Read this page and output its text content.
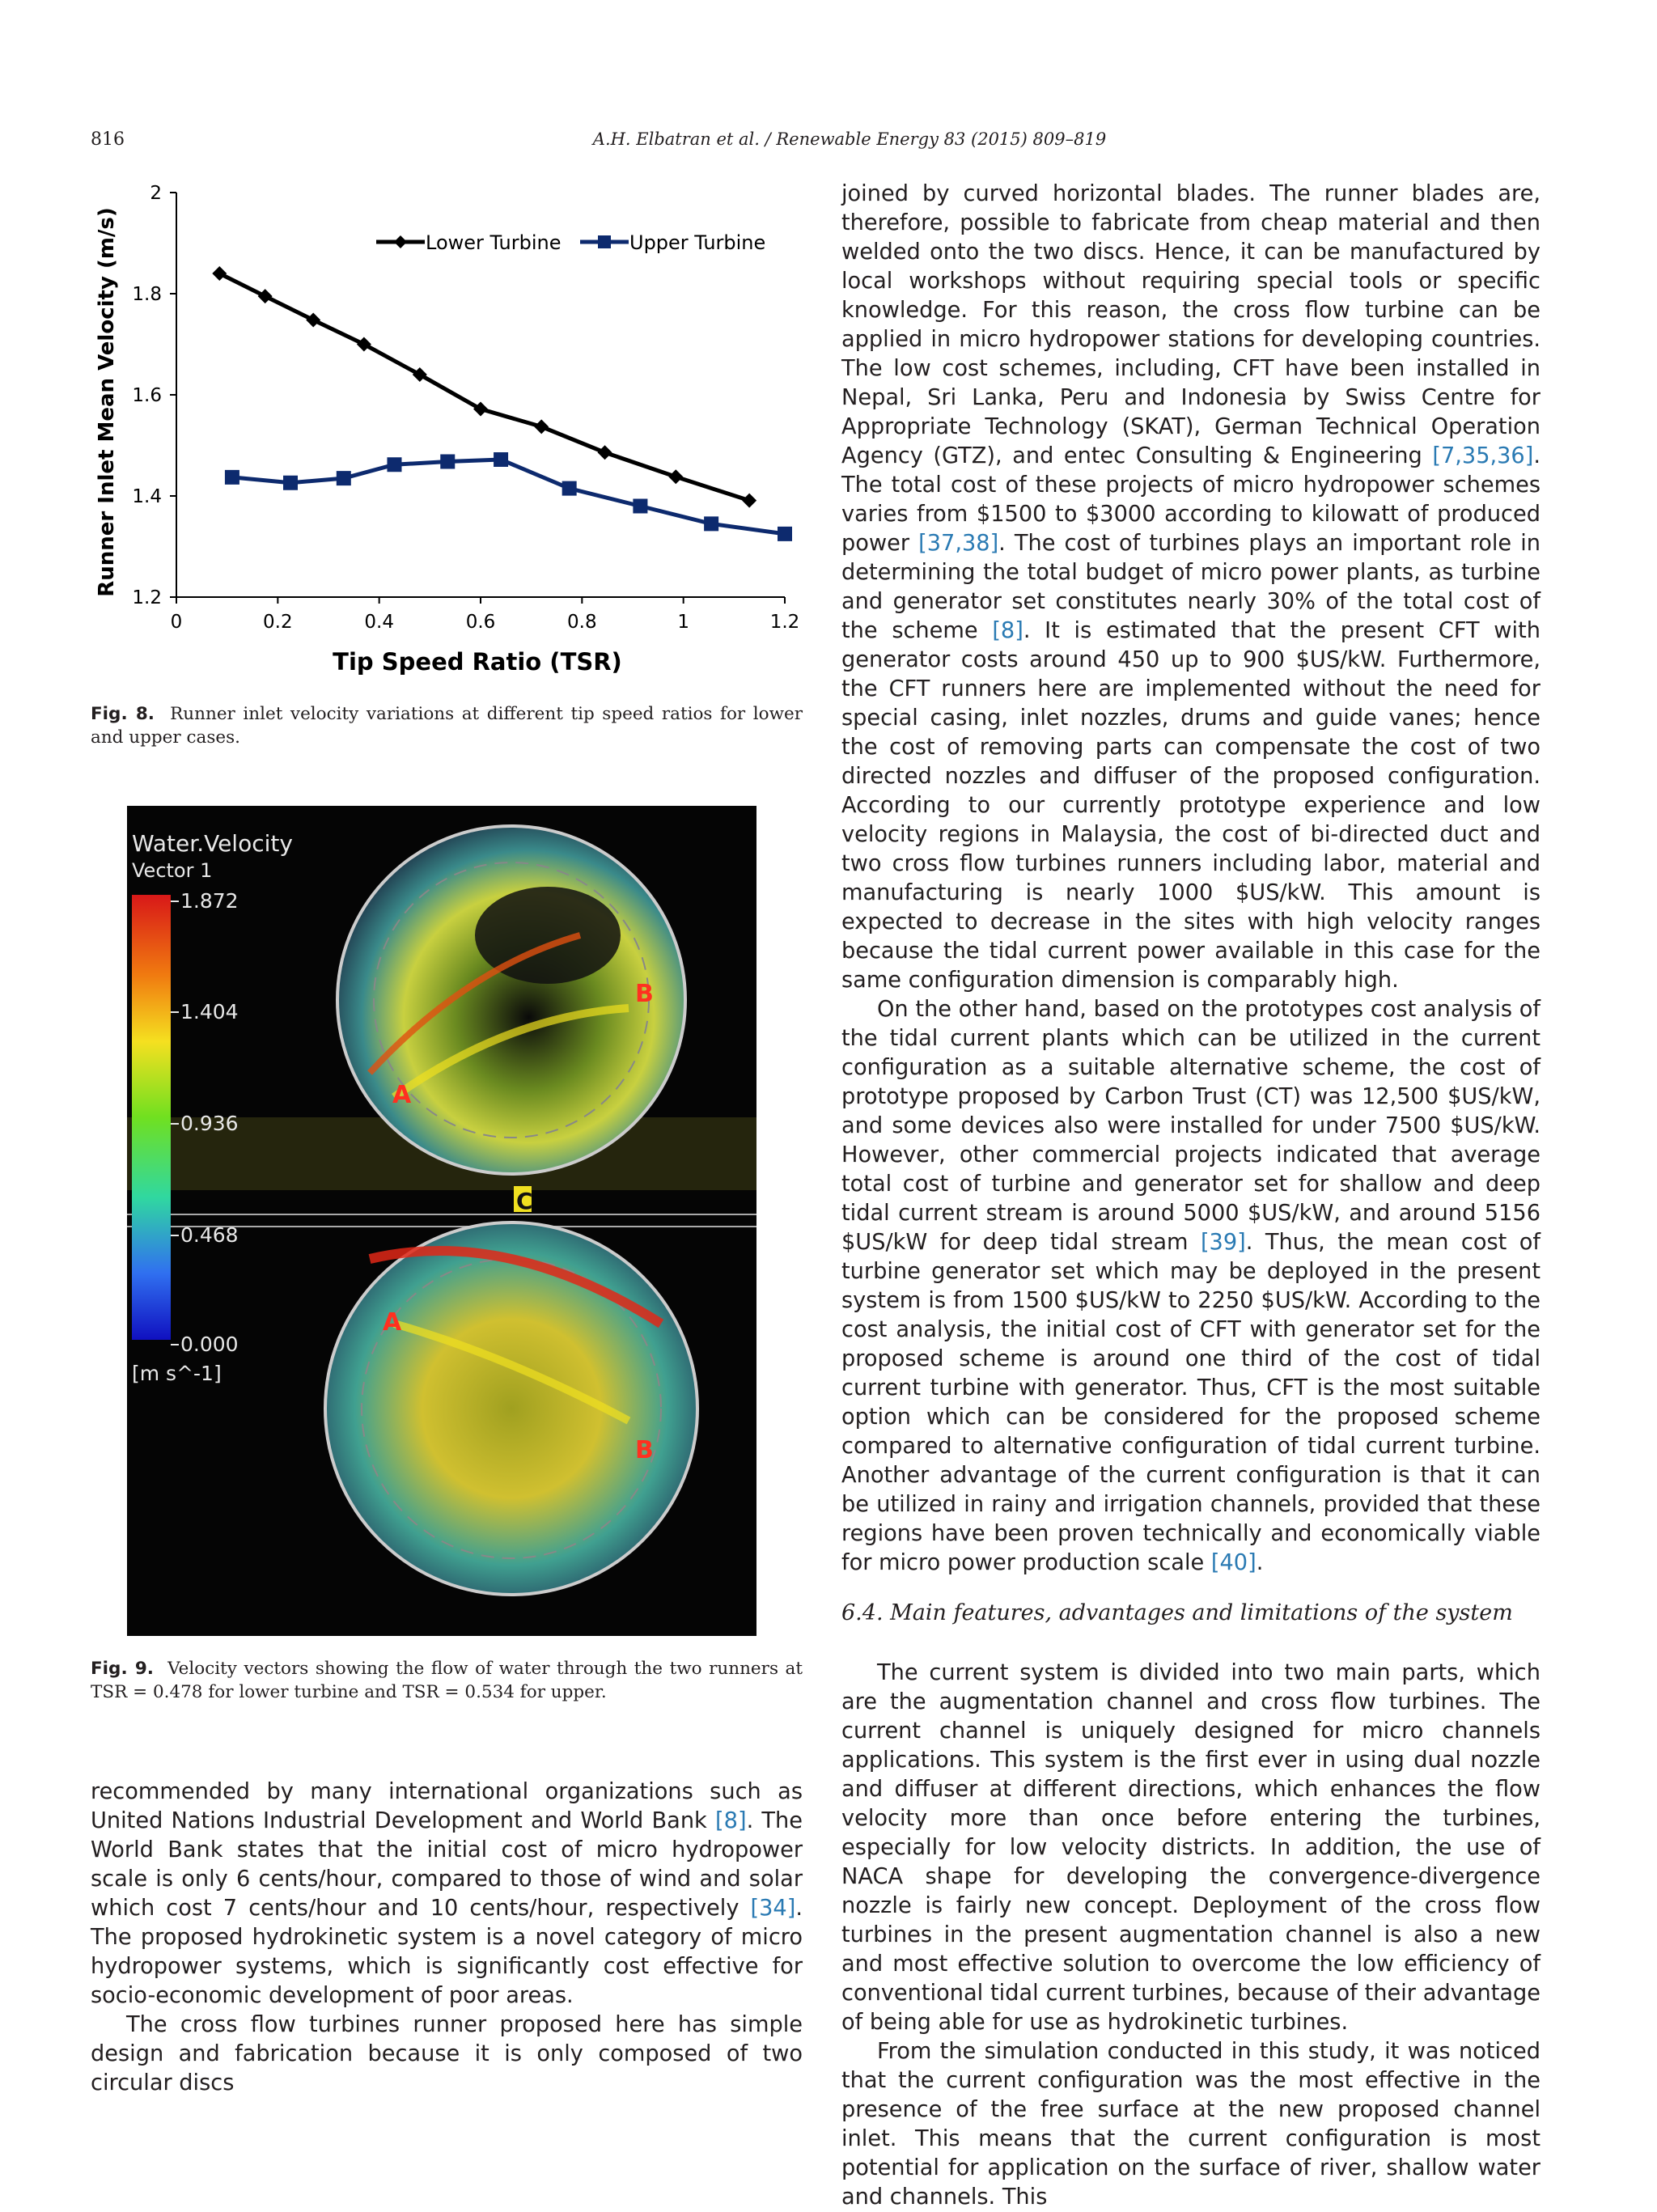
816	A.H. Elbatran et al. / Renewable Energy 83 (2015) 809–819
1.2
1.4
1.6
1.8
2
0	0.2	0.4	0.6	0.8	1	1.2
Lower Turbine	Upper Turbine
Runner Inlet Mean Velocity (m/s)
Tip Speed Ratio (TSR)
Fig. 8. Runner inlet velocity variations at different tip speed ratios for lower and upper cases.
A
B
C
A
B
Water.Velocity
Vector 1
1.872
1.404
0.936
0.468
0.000
[m s^-1]
Fig. 9. Velocity vectors showing the flow of water through the two runners at TSR = 0.478 for lower turbine and TSR = 0.534 for upper.

recommended by many international organizations such as United Nations Industrial Development and World Bank [8]. The World Bank states that the initial cost of micro hydropower scale is only 6 cents/hour, compared to those of wind and solar which cost 7 cents/hour and 10 cents/hour, respectively [34]. The proposed hydrokinetic system is a novel category of micro hydropower systems, which is significantly cost effective for socio-economic development of poor areas.

The cross flow turbines runner proposed here has simple design and fabrication because it is only composed of two circular discs

joined by curved horizontal blades. The runner blades are, therefore, possible to fabricate from cheap material and then welded onto the two discs. Hence, it can be manufactured by local workshops without requiring special tools or specific knowledge. For this reason, the cross flow turbine can be applied in micro hydropower stations for developing countries. The low cost schemes, including, CFT have been installed in Nepal, Sri Lanka, Peru and Indonesia by Swiss Centre for Appropriate Technology (SKAT), German Technical Operation Agency (GTZ), and entec Consulting & Engineering [7,35,36]. The total cost of these projects of micro hydropower schemes varies from $1500 to $3000 according to kilowatt of produced power [37,38]. The cost of turbines plays an important role in determining the total budget of micro power plants, as turbine and generator set constitutes nearly 30% of the total cost of the scheme [8]. It is estimated that the present CFT with generator costs around 450 up to 900 $US/kW. Furthermore, the CFT runners here are implemented without the need for special casing, inlet nozzles, drums and guide vanes; hence the cost of removing parts can compensate the cost of two directed nozzles and diffuser of the proposed configuration. According to our currently prototype experience and low velocity regions in Malaysia, the cost of bi-directed duct and two cross flow turbines runners including labor, material and manufacturing is nearly 1000 $US/kW. This amount is expected to decrease in the sites with high velocity ranges because the tidal current power available in this case for the same configuration dimension is comparably high.

On the other hand, based on the prototypes cost analysis of the tidal current plants which can be utilized in the current configuration as a suitable alternative scheme, the cost of prototype proposed by Carbon Trust (CT) was 12,500 $US/kW, and some devices also were installed for under 7500 $US/kW. However, other commercial projects indicated that average total cost of turbine and generator set for shallow and deep tidal current stream is around 5000 $US/kW, and around 5156 $US/kW for deep tidal stream [39]. Thus, the mean cost of turbine generator set which may be deployed in the present system is from 1500 $US/kW to 2250 $US/kW. According to the cost analysis, the initial cost of CFT with generator set for the proposed scheme is around one third of the cost of tidal current turbine with generator. Thus, CFT is the most suitable option which can be considered for the proposed scheme compared to alternative configuration of tidal current turbine. Another advantage of the current configuration is that it can be utilized in rainy and irrigation channels, provided that these regions have been proven technically and economically viable for micro power production scale [40].

6.4. Main features, advantages and limitations of the system

The current system is divided into two main parts, which are the augmentation channel and cross flow turbines. The current channel is uniquely designed for micro channels applications. This system is the first ever in using dual nozzle and diffuser at different directions, which enhances the flow velocity more than once before entering the turbines, especially for low velocity districts. In addition, the use of NACA shape for developing the convergence-divergence nozzle is fairly new concept. Deployment of the cross flow turbines in the present augmentation channel is also a new and most effective solution to overcome the low efficiency of conventional tidal current turbines, because of their advantage of being able for use as hydrokinetic turbines.

From the simulation conducted in this study, it was noticed that the current configuration was the most effective in the presence of the free surface at the new proposed channel inlet. This means that the current configuration is most potential for application on the surface of river, shallow water and channels. This
